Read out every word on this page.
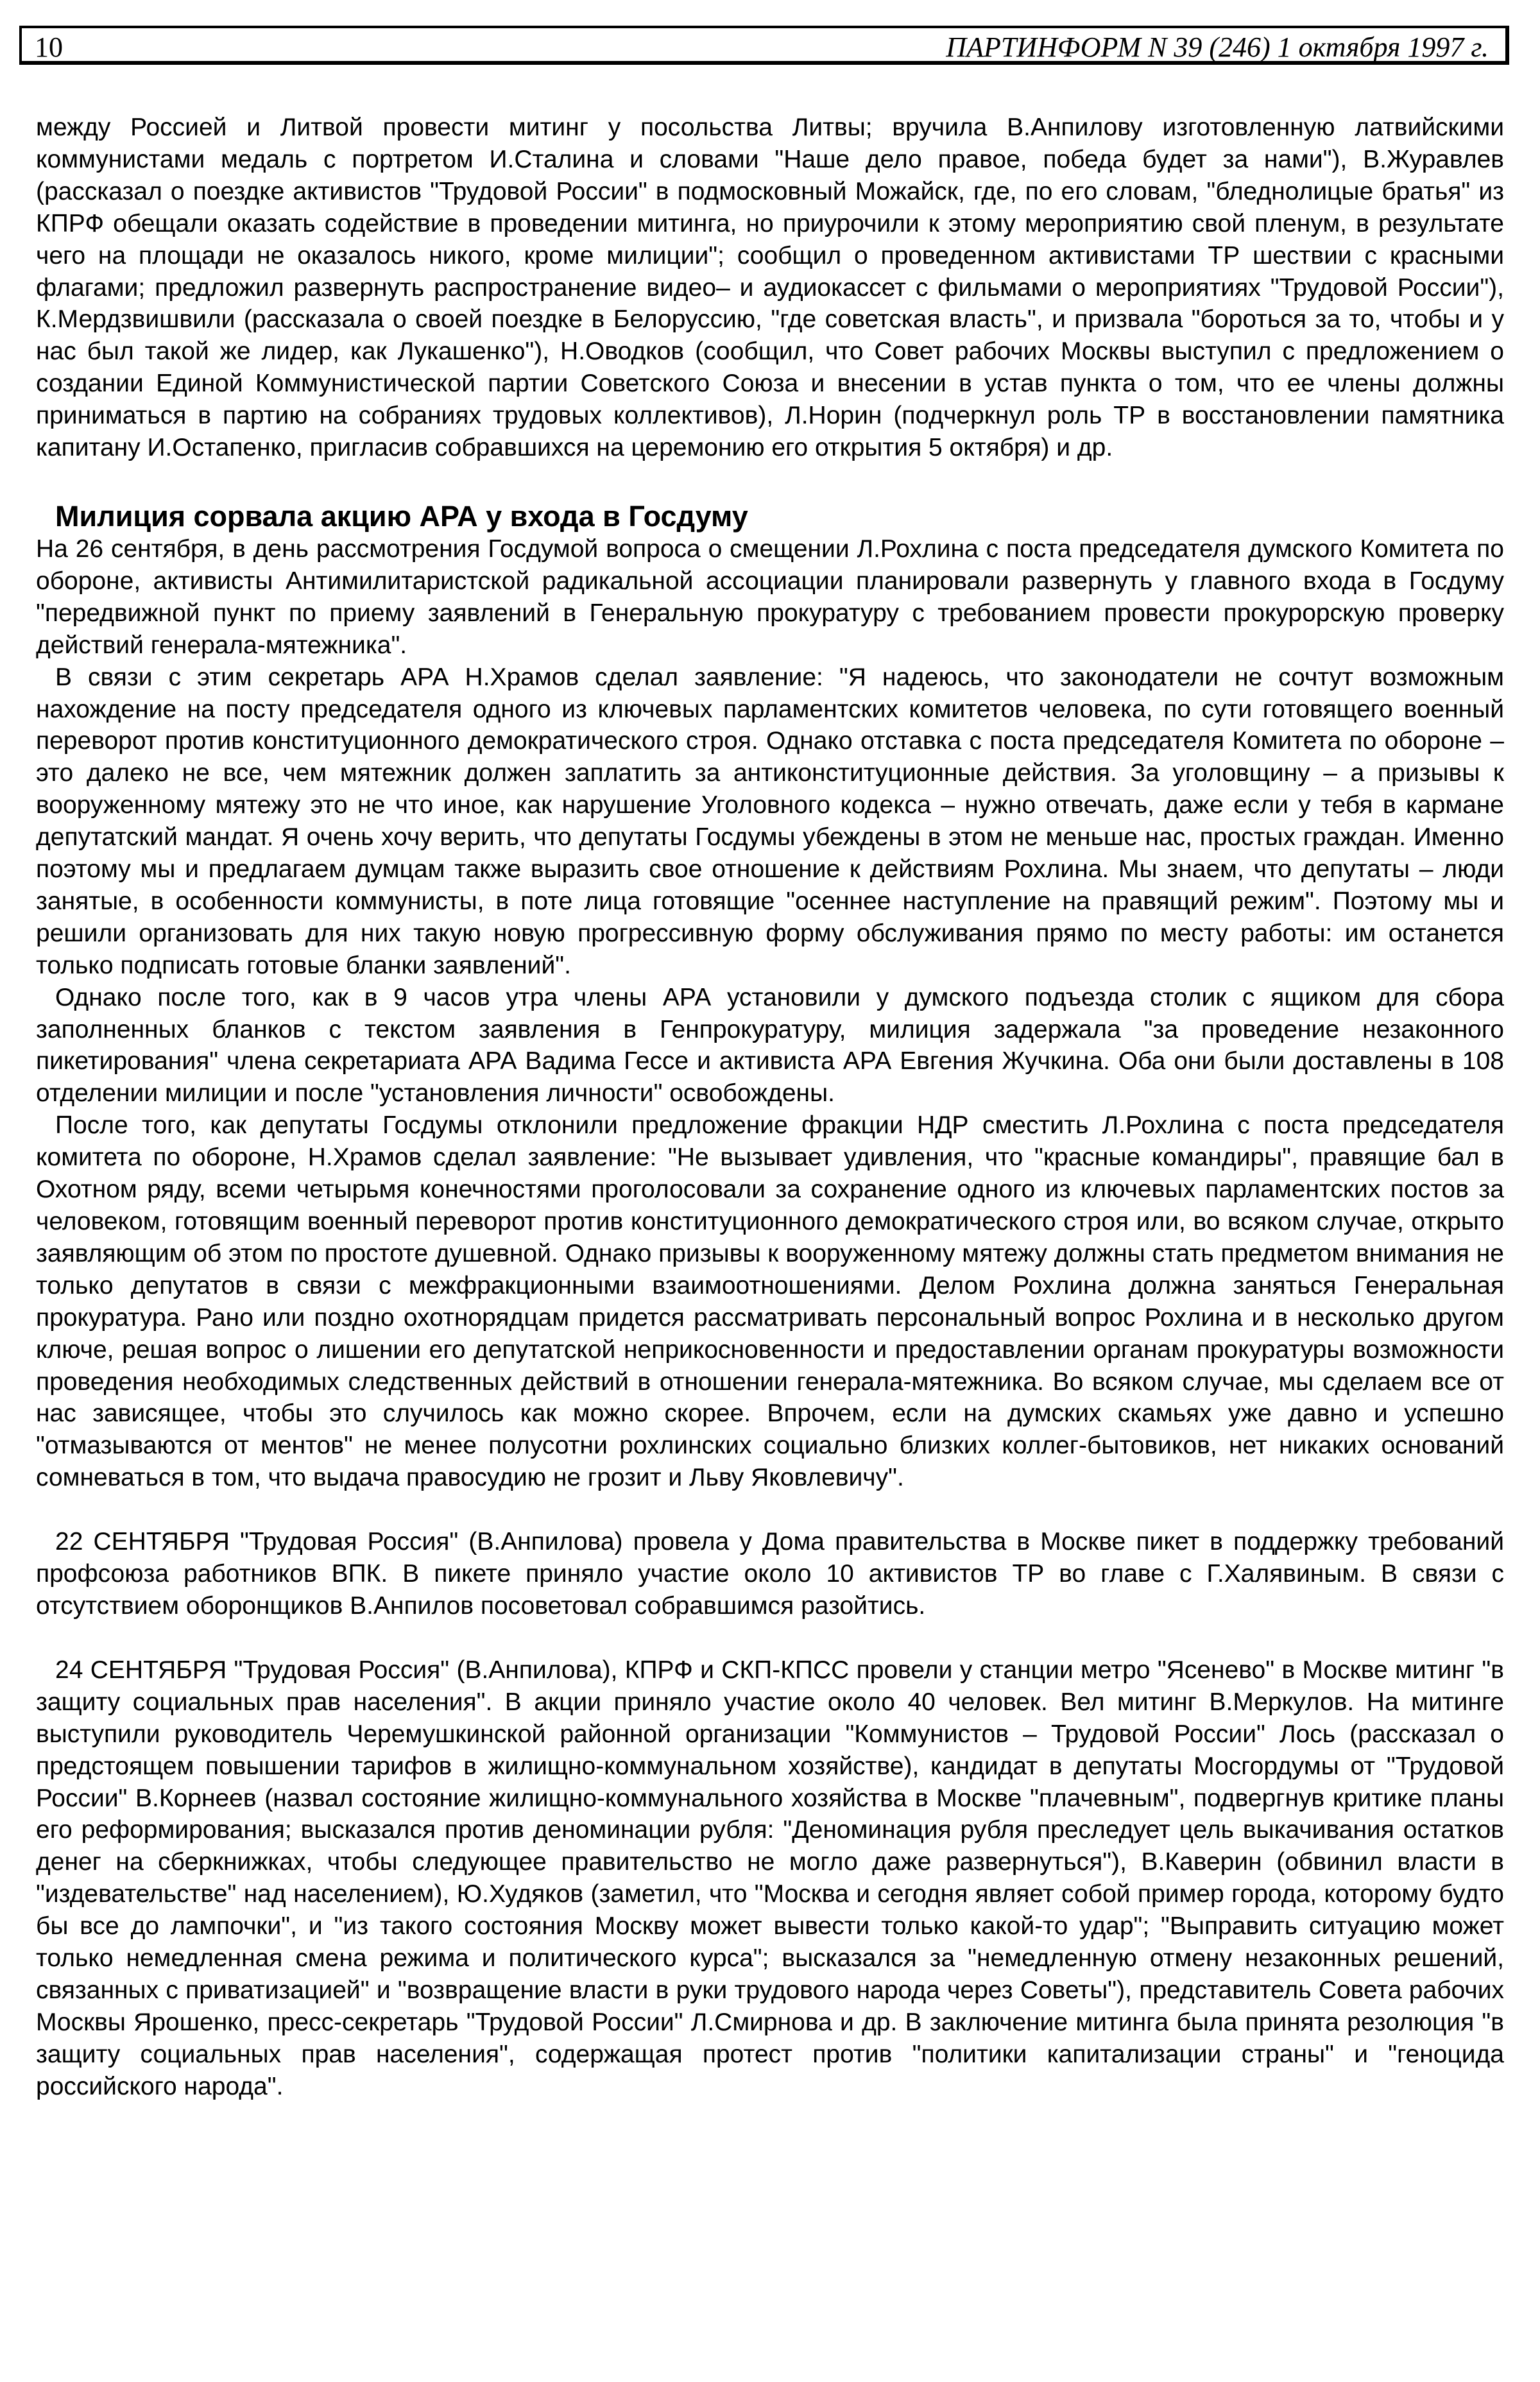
10	ПАРТИНФОРМ N 39 (246) 1 октября 1997 г.

между Россией и Литвой провести митинг у посольства Литвы; вручила В.Анпилову изготовленную латвийскими коммунистами медаль с портретом И.Сталина и словами "Наше дело правое, победа будет за нами"), В.Журавлев (рассказал о поездке активистов "Трудовой России" в подмосковный Можайск, где, по его словам, "бледнолицые братья" из КПРФ обещали оказать содействие в проведении митинга, но приурочили к этому мероприятию свой пленум, в результате чего на площади не оказалось никого, кроме милиции"; сообщил о проведенном активистами ТР шествии с красными флагами; предложил развернуть распространение видео– и аудиокассет с фильмами о мероприятиях "Трудовой России"), К.Мердзвишвили (рассказала о своей поездке в Белоруссию, "где советская власть", и призвала "бороться за то, чтобы и у нас был такой же лидер, как Лукашенко"), Н.Оводков (сообщил, что Совет рабочих Москвы выступил с предложением о создании Единой Коммунистической партии Советского Союза и внесении в устав пункта о том, что ее члены должны приниматься в партию на собраниях трудовых коллективов), Л.Норин (подчеркнул роль ТР в восстановлении памятника капитану И.Остапенко, пригласив собравшихся на церемонию его открытия 5 октября) и др.

Милиция сорвала акцию АРА у входа в Госдуму

На 26 сентября, в день рассмотрения Госдумой вопроса о смещении Л.Рохлина с поста председателя думского Комитета по обороне, активисты Антимилитаристской радикальной ассоциации планировали развернуть у главного входа в Госдуму "передвижной пункт по приему заявлений в Генеральную прокуратуру с требованием провести прокурорскую проверку действий генерала-мятежника".

В связи с этим секретарь АРА Н.Храмов сделал заявление: "Я надеюсь, что законодатели не сочтут возможным нахождение на посту председателя одного из ключевых парламентских комитетов человека, по сути готовящего военный переворот против конституционного демократического строя. Однако отставка с поста председателя Комитета по обороне – это далеко не все, чем мятежник должен заплатить за антиконституционные действия. За уголовщину – а призывы к вооруженному мятежу это не что иное, как нарушение Уголовного кодекса – нужно отвечать, даже если у тебя в кармане депутатский мандат. Я очень хочу верить, что депутаты Госдумы убеждены в этом не меньше нас, простых граждан. Именно поэтому мы и предлагаем думцам также выразить свое отношение к действиям Рохлина. Мы знаем, что депутаты – люди занятые, в особенности коммунисты, в поте лица готовящие "осеннее наступление на правящий режим". Поэтому мы и решили организовать для них такую новую прогрессивную форму обслуживания прямо по месту работы: им останется только подписать готовые бланки заявлений".

Однако после того, как в 9 часов утра члены АРА установили у думского подъезда столик с ящиком для сбора заполненных бланков с текстом заявления в Генпрокуратуру, милиция задержала "за проведение незаконного пикетирования" члена секретариата АРА Вадима Гессе и активиста АРА Евгения Жучкина. Оба они были доставлены в 108 отделении милиции и после "установления личности" освобождены.

После того, как депутаты Госдумы отклонили предложение фракции НДР сместить Л.Рохлина с поста председателя комитета по обороне, Н.Храмов сделал заявление: "Не вызывает удивления, что "красные командиры", правящие бал в Охотном ряду, всеми четырьмя конечностями проголосовали за сохранение одного из ключевых парламентских постов за человеком, готовящим военный переворот против конституционного демократического строя или, во всяком случае, открыто заявляющим об этом по простоте душевной. Однако призывы к вооруженному мятежу должны стать предметом внимания не только депутатов в связи с межфракционными взаимоотношениями. Делом Рохлина должна заняться Генеральная прокуратура. Рано или поздно охотнорядцам придется рассматривать персональный вопрос Рохлина и в несколько другом ключе, решая вопрос о лишении его депутатской неприкосновенности и предоставлении органам прокуратуры возможности проведения необходимых следственных действий в отношении генерала-мятежника. Во всяком случае, мы сделаем все от нас зависящее, чтобы это случилось как можно скорее. Впрочем, если на думских скамьях уже давно и успешно "отмазываются от ментов" не менее полусотни рохлинских социально близких коллег-бытовиков, нет никаких оснований сомневаться в том, что выдача правосудию не грозит и Льву Яковлевичу".

22 СЕНТЯБРЯ "Трудовая Россия" (В.Анпилова) провела у Дома правительства в Москве пикет в поддержку требований профсоюза работников ВПК. В пикете приняло участие около 10 активистов ТР во главе с Г.Халявиным. В связи с отсутствием оборонщиков В.Анпилов посоветовал собравшимся разойтись.

24 СЕНТЯБРЯ "Трудовая Россия" (В.Анпилова), КПРФ и СКП-КПСС провели у станции метро "Ясенево" в Москве митинг "в защиту социальных прав населения". В акции приняло участие около 40 человек. Вел митинг В.Меркулов. На митинге выступили руководитель Черемушкинской районной организации "Коммунистов – Трудовой России" Лось (рассказал о предстоящем повышении тарифов в жилищно-коммунальном хозяйстве), кандидат в депутаты Мосгордумы от "Трудовой России" В.Корнеев (назвал состояние жилищно-коммунального хозяйства в Москве "плачевным", подвергнув критике планы его реформирования; высказался против деноминации рубля: "Деноминация рубля преследует цель выкачивания остатков денег на сберкнижках, чтобы следующее правительство не могло даже развернуться"), В.Каверин (обвинил власти в "издевательстве" над населением), Ю.Худяков (заметил, что "Москва и сегодня являет собой пример города, которому будто бы все до лампочки", и "из такого состояния Москву может вывести только какой-то удар"; "Выправить ситуацию может только немедленная смена режима и политического курса"; высказался за "немедленную отмену незаконных решений, связанных с приватизацией" и "возвращение власти в руки трудового народа через Советы"), представитель Совета рабочих Москвы Ярошенко, пресс-секретарь "Трудовой России" Л.Смирнова и др. В заключение митинга была принята резолюция "в защиту социальных прав населения", содержащая протест против "политики капитализации страны" и "геноцида российского народа".
